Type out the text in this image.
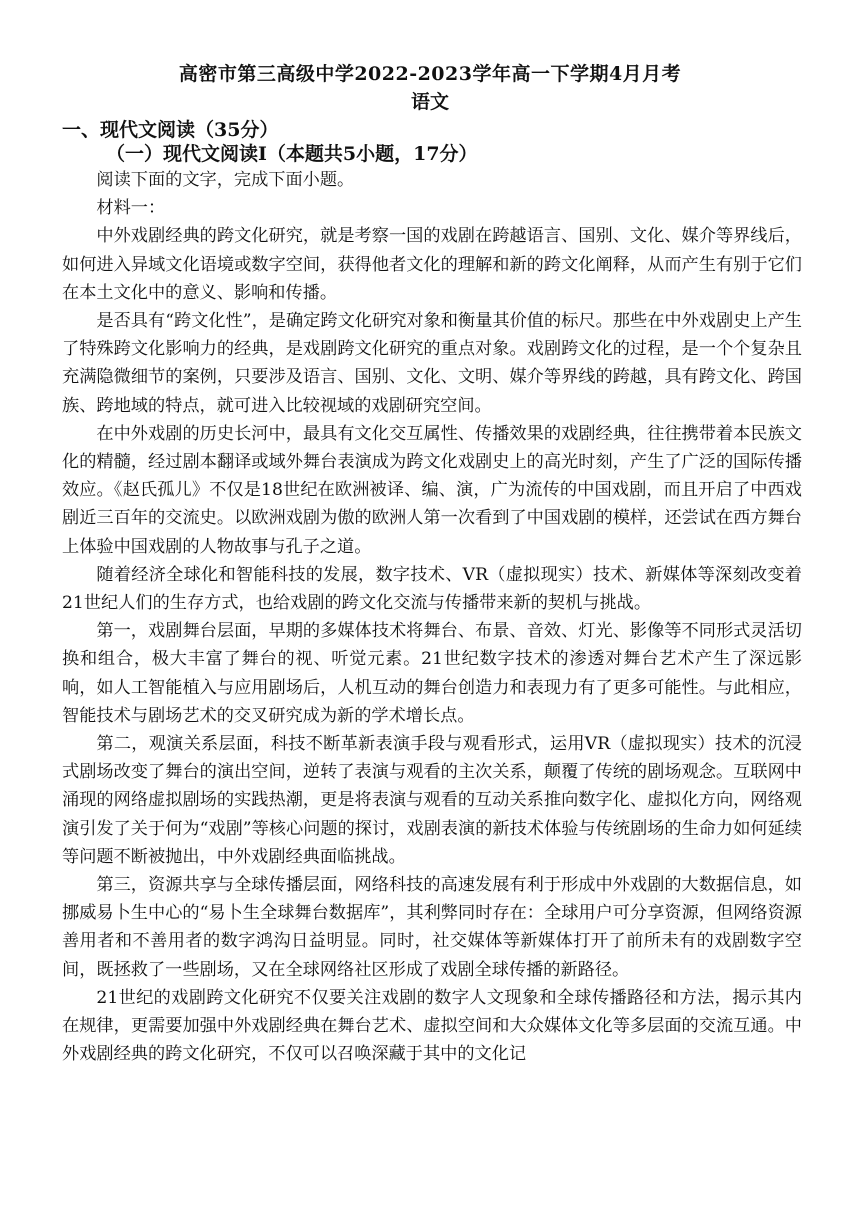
高密市第三高级中学2022-2023学年高一下学期4月月考
语文
一、现代文阅读（35分）
（一）现代文阅读Ⅰ（本题共5小题，17分）

阅读下面的文字，完成下面小题。

材料一：

中外戏剧经典的跨文化研究，就是考察一国的戏剧在跨越语言、国别、文化、媒介等界线后，如何进入异域文化语境或数字空间，获得他者文化的理解和新的跨文化阐释，从而产生有别于它们在本土文化中的意义、影响和传播。

是否具有“跨文化性”，是确定跨文化研究对象和衡量其价值的标尺。那些在中外戏剧史上产生了特殊跨文化影响力的经典，是戏剧跨文化研究的重点对象。戏剧跨文化的过程，是一个个复杂且充满隐微细节的案例，只要涉及语言、国别、文化、文明、媒介等界线的跨越，具有跨文化、跨国族、跨地域的特点，就可进入比较视域的戏剧研究空间。

在中外戏剧的历史长河中，最具有文化交互属性、传播效果的戏剧经典，往往携带着本民族文化的精髓，经过剧本翻译或域外舞台表演成为跨文化戏剧史上的高光时刻，产生了广泛的国际传播效应。《赵氏孤儿》不仅是18世纪在欧洲被译、编、演，广为流传的中国戏剧，而且开启了中西戏剧近三百年的交流史。以欧洲戏剧为傲的欧洲人第一次看到了中国戏剧的模样，还尝试在西方舞台上体验中国戏剧的人物故事与孔子之道。

随着经济全球化和智能科技的发展，数字技术、VR（虚拟现实）技术、新媒体等深刻改变着21世纪人们的生存方式，也给戏剧的跨文化交流与传播带来新的契机与挑战。

第一，戏剧舞台层面，早期的多媒体技术将舞台、布景、音效、灯光、影像等不同形式灵活切换和组合，极大丰富了舞台的视、听觉元素。21世纪数字技术的渗透对舞台艺术产生了深远影响，如人工智能植入与应用剧场后，人机互动的舞台创造力和表现力有了更多可能性。与此相应，智能技术与剧场艺术的交叉研究成为新的学术增长点。

第二，观演关系层面，科技不断革新表演手段与观看形式，运用VR（虚拟现实）技术的沉浸式剧场改变了舞台的演出空间，逆转了表演与观看的主次关系，颠覆了传统的剧场观念。互联网中涌现的网络虚拟剧场的实践热潮，更是将表演与观看的互动关系推向数字化、虚拟化方向，网络观演引发了关于何为“戏剧”等核心问题的探讨，戏剧表演的新技术体验与传统剧场的生命力如何延续等问题不断被抛出，中外戏剧经典面临挑战。

第三，资源共享与全球传播层面，网络科技的高速发展有利于形成中外戏剧的大数据信息，如挪威易卜生中心的“易卜生全球舞台数据库”，其利弊同时存在：全球用户可分享资源，但网络资源善用者和不善用者的数字鸿沟日益明显。同时，社交媒体等新媒体打开了前所未有的戏剧数字空间，既拯救了一些剧场，又在全球网络社区形成了戏剧全球传播的新路径。

21世纪的戏剧跨文化研究不仅要关注戏剧的数字人文现象和全球传播路径和方法，揭示其内在规律，更需要加强中外戏剧经典在舞台艺术、虚拟空间和大众媒体文化等多层面的交流互通。中外戏剧经典的跨文化研究，不仅可以召唤深藏于其中的文化记
